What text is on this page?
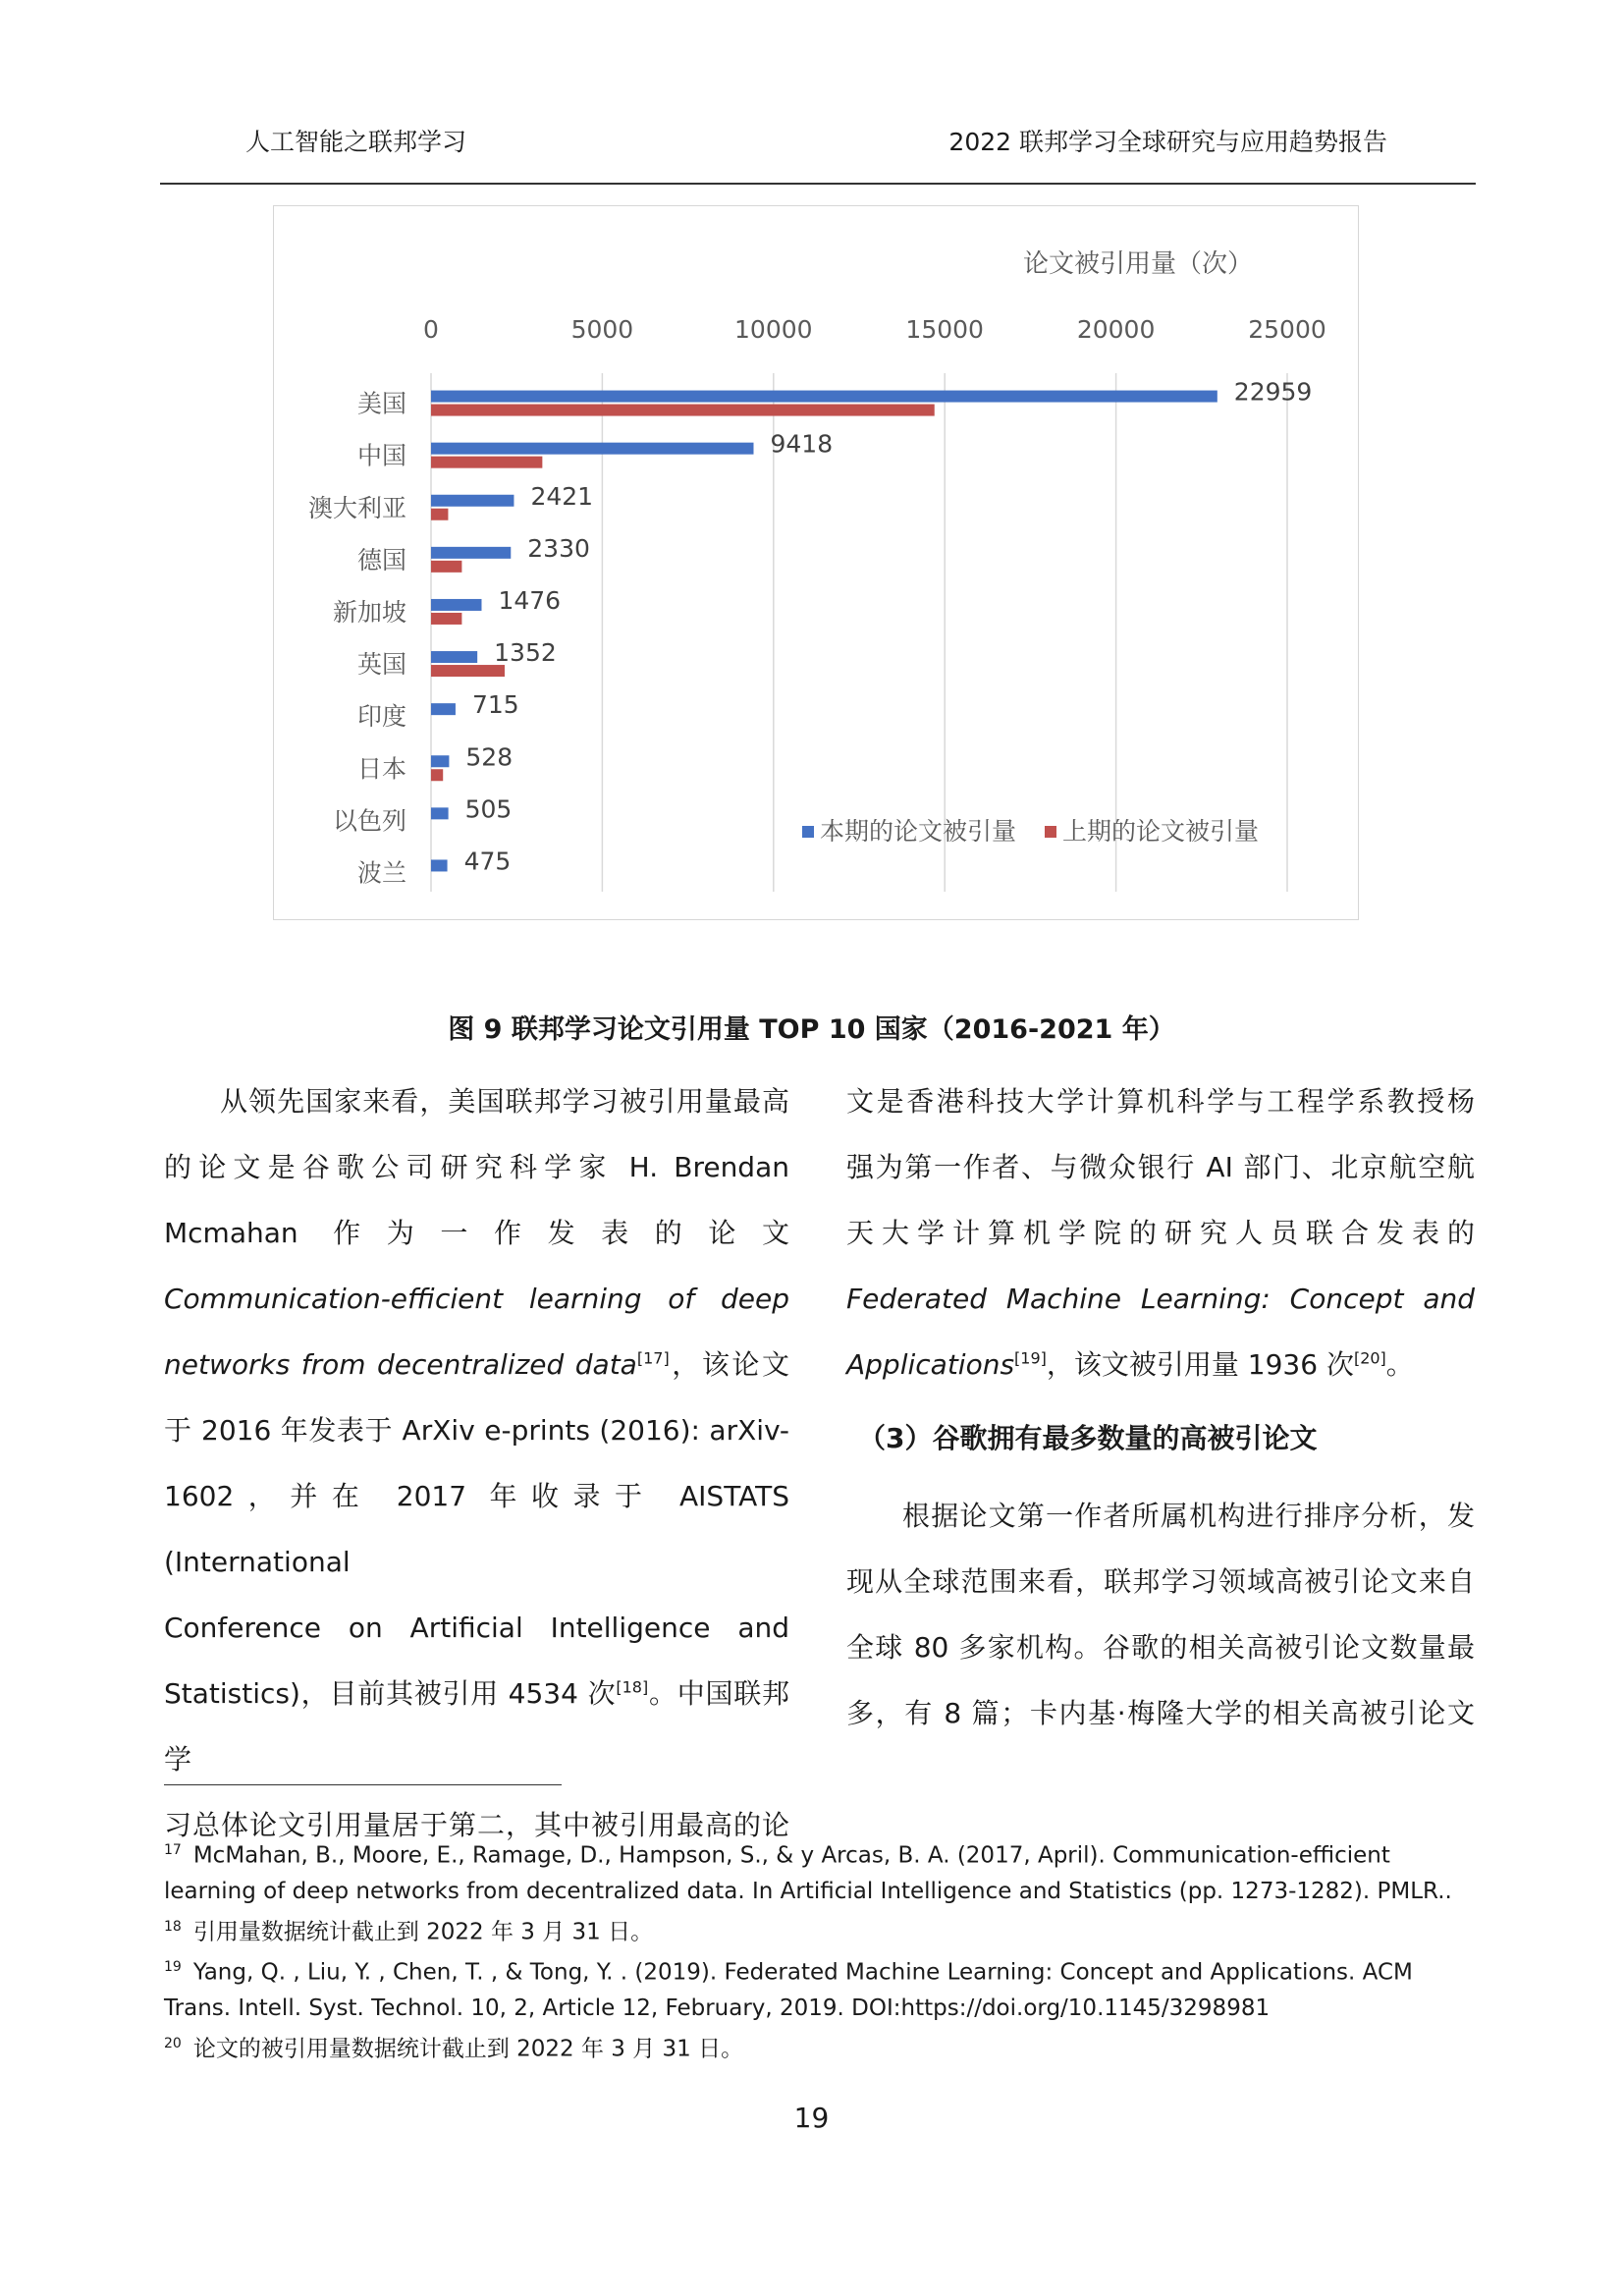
人工智能之联邦学习	2022 联邦学习全球研究与应用趋势报告
论文被引用量（次）
0	5000	10000	15000	20000	25000
美国	22959
中国	9418
澳大利亚	2421
德国	2330
新加坡	1476
英国	1352
印度	715
日本 528
以色列 505
波兰 475
本期的论文被引量 上期的论文被引量
图 9 联邦学习论文引用量 TOP 10 国家（2016-2021 年）

从领先国家来看，美国联邦学习被引用量最高

的论文是谷歌公司研究科学家 H. Brendan

Mcmahan 作为一作发表的论文

Communication-efficient learning of deep

networks from decentralized data[17]，该论文

于 2016 年发表于 ArXiv e-prints (2016): arXiv-

1602，并在 2017 年收录于 AISTATS (International

Conference on Artificial Intelligence and

Statistics)，目前其被引用 4534 次[18]。中国联邦学

习总体论文引用量居于第二，其中被引用最高的论

文是香港科技大学计算机科学与工程学系教授杨

强为第一作者、与微众银行 AI 部门、北京航空航

天大学计算机学院的研究人员联合发表的

Federated Machine Learning: Concept and

Applications[19]，该文被引用量 1936 次[20]。

（3）谷歌拥有最多数量的高被引论文

根据论文第一作者所属机构进行排序分析，发

现从全球范围来看，联邦学习领域高被引论文来自

全球 80 多家机构。谷歌的相关高被引论文数量最

多，有 8 篇；卡内基·梅隆大学的相关高被引论文

$^{17}$ McMahan, B., Moore, E., Ramage, D., Hampson, S., & y Arcas, B. A. (2017, April). Communication-efficient learning of deep networks from decentralized data. In Artificial Intelligence and Statistics (pp. 1273-1282). PMLR..

$^{18}$ 引用量数据统计截止到 2022 年 3 月 31 日。

$^{19}$ Yang, Q. , Liu, Y. , Chen, T. , & Tong, Y. . (2019). Federated Machine Learning: Concept and Applications. ACM Trans. Intell. Syst. Technol. 10, 2, Article 12, February, 2019. DOI:https://doi.org/10.1145/3298981

$^{20}$ 论文的被引用量数据统计截止到 2022 年 3 月 31 日。

19
